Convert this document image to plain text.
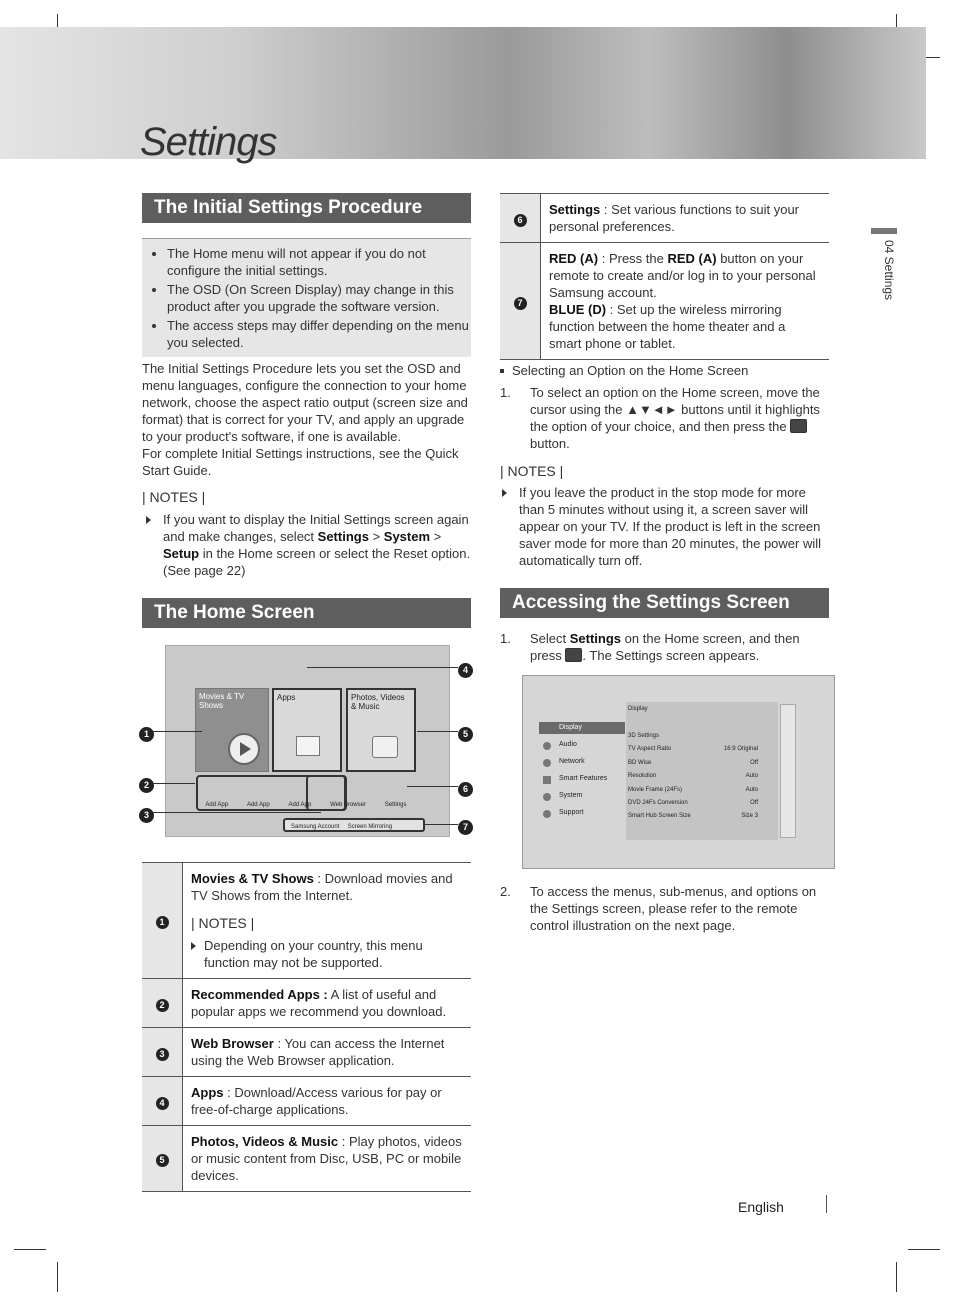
Settings
04 Settings
The Initial Settings Procedure
• The Home menu will not appear if you do not configure the initial settings.
• The OSD (On Screen Display) may change in this product after you upgrade the software version.
• The access steps may differ depending on the menu you selected.
The Initial Settings Procedure lets you set the OSD and menu languages, configure the connection to your home network, choose the aspect ratio output (screen size and format) that is correct for your TV, and apply an upgrade to your product's software, if one is available.
For complete Initial Settings instructions, see the Quick Start Guide.
| NOTES |
If you want to display the Initial Settings screen again and make changes, select Settings > System > Setup in the Home screen or select the Reset option. (See page 22)
The Home Screen
Movies & TV Shows
Apps	Photos, Videos & Music
Add App	Add App	Add App	Web Browser	Settings
Samsung Account Screen Mirroring
1
2
3
4
5
6
7
1	Movies & TV Shows : Download movies and TV Shows from the Internet.
| NOTES |
Depending on your country, this menu function may not be supported.

2	Recommended Apps : A list of useful and popular apps we recommend you download.
3	Web Browser : You can access the Internet using the Web Browser application.
4	Apps : Download/Access various for pay or free-of-charge applications.
5	Photos, Videos & Music : Play photos, videos or music content from Disc, USB, PC or mobile devices.
6	Settings : Set various functions to suit your personal preferences.
7	RED (A) : Press the RED (A) button on your remote to create and/or log in to your personal Samsung account.
BLUE (D) : Set up the wireless mirroring function between the home theater and a smart phone or tablet.
Selecting an Option on the Home Screen
1.	To select an option on the Home screen, move the cursor using the ▲▼◄► buttons until it highlights the option of your choice, and then press the
button.
| NOTES |
If you leave the product in the stop mode for more than 5 minutes without using it, a screen saver will appear on your TV. If the product is left in the screen saver mode for more than 20 minutes, the power will automatically turn off.
Accessing the Settings Screen
1.	Select Settings on the Home screen, and then press . The Settings screen appears.
Display
Audio
Network
Smart Features
System
Support
Display
3D Settings
TV Aspect Ratio	16:9 Original
BD Wise	Off
Resolution	Auto
Movie Frame (24Fs)	Auto
DVD 24Fs Conversion	Off
Smart Hub Screen Size	Size 3
2.	To access the menus, sub-menus, and options on the Settings screen, please refer to the remote control illustration on the next page.
English
